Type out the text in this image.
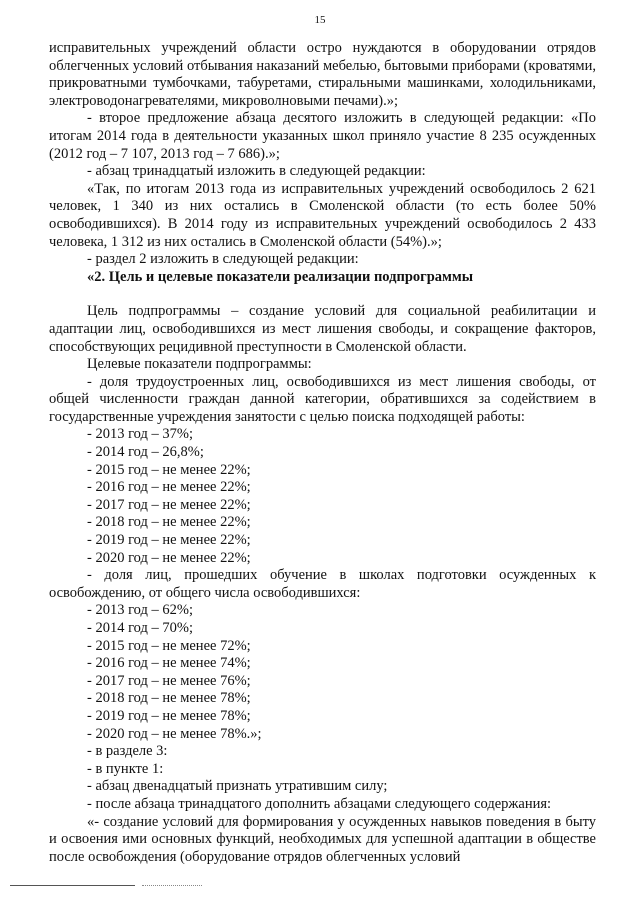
15

исправительных учреждений области остро нуждаются в оборудовании отрядов облегченных условий отбывания наказаний мебелью, бытовыми приборами (кроватями, прикроватными тумбочками, табуретами, стиральными машинками, холодильниками, электроводонагревателями, микроволновыми печами).»;

- второе предложение абзаца десятого изложить в следующей редакции: «По итогам 2014 года в деятельности указанных школ приняло участие 8 235 осужденных (2012 год – 7 107, 2013 год – 7 686).»;

- абзац тринадцатый изложить в следующей редакции:

«Так, по итогам 2013 года из исправительных учреждений освободилось 2 621 человек, 1 340 из них остались в Смоленской области (то есть более 50% освободившихся). В 2014 году из исправительных учреждений освободилось 2 433 человека, 1 312 из них остались в Смоленской области (54%).»;

- раздел 2 изложить в следующей редакции:

«2. Цель и целевые показатели реализации подпрограммы

Цель подпрограммы – создание условий для социальной реабилитации и адаптации лиц, освободившихся из мест лишения свободы, и сокращение факторов, способствующих рецидивной преступности в Смоленской области.

Целевые показатели подпрограммы:

- доля трудоустроенных лиц, освободившихся из мест лишения свободы, от общей численности граждан данной категории, обратившихся за содействием в государственные учреждения занятости с целью поиска подходящей работы:

- 2013 год – 37%;

- 2014 год – 26,8%;

- 2015 год – не менее 22%;

- 2016 год – не менее 22%;

- 2017 год – не менее 22%;

- 2018 год – не менее 22%;

- 2019 год – не менее 22%;

- 2020 год – не менее 22%;

- доля лиц, прошедших обучение в школах подготовки осужденных к освобождению, от общего числа освободившихся:

- 2013 год – 62%;

- 2014 год – 70%;

- 2015 год – не менее 72%;

- 2016 год – не менее 74%;

- 2017 год – не менее 76%;

- 2018 год – не менее 78%;

- 2019 год – не менее 78%;

- 2020 год – не менее 78%.»;

- в разделе 3:

- в пункте 1:

- абзац двенадцатый признать утратившим силу;

- после абзаца тринадцатого дополнить абзацами следующего содержания:

«- создание условий для формирования у осужденных навыков поведения в быту и освоения ими основных функций, необходимых для успешной адаптации в обществе после освобождения (оборудование отрядов облегченных условий
